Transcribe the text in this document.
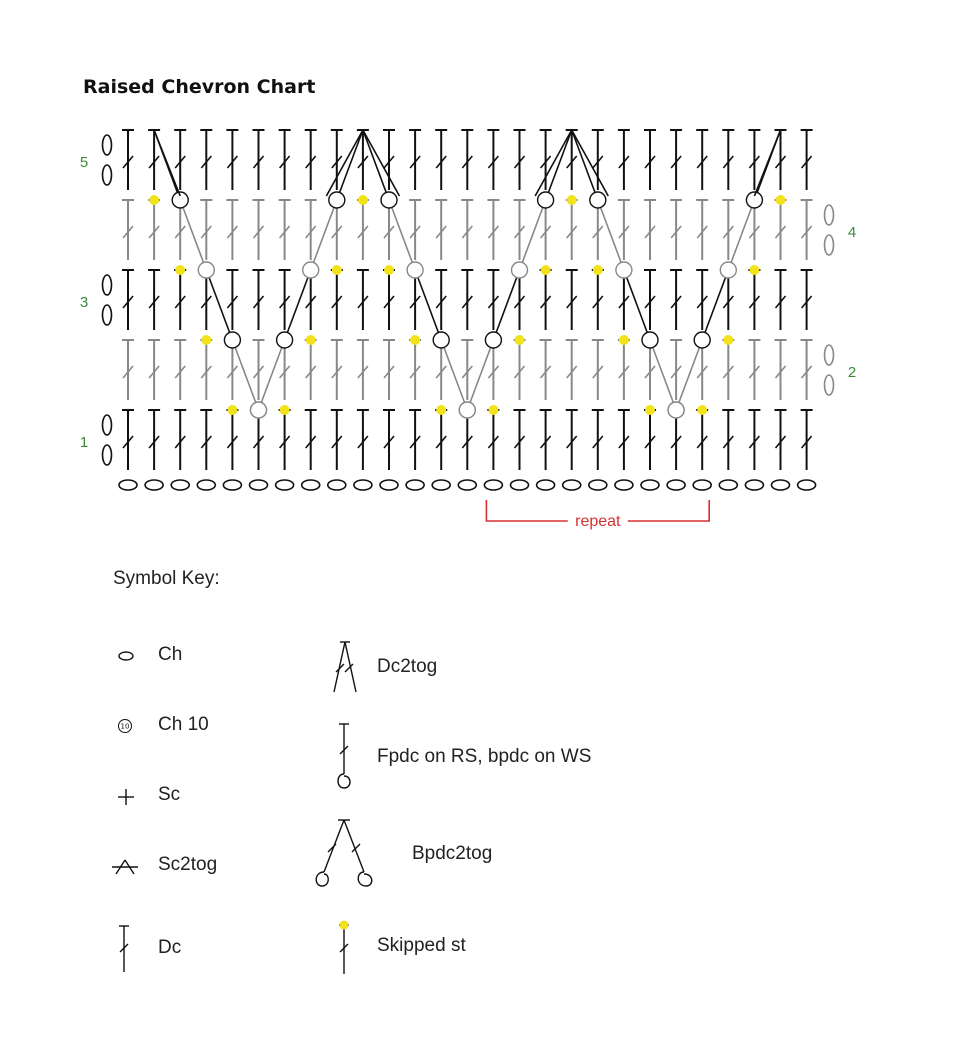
Raised Chevron Chart
1
2
3
4
5
repeat
Symbol Key:
Ch
10 Ch 10
Sc
Sc2tog
Dc
Dc2tog
Fpdc on RS, bpdc on WS
Bpdc2tog
Skipped st
